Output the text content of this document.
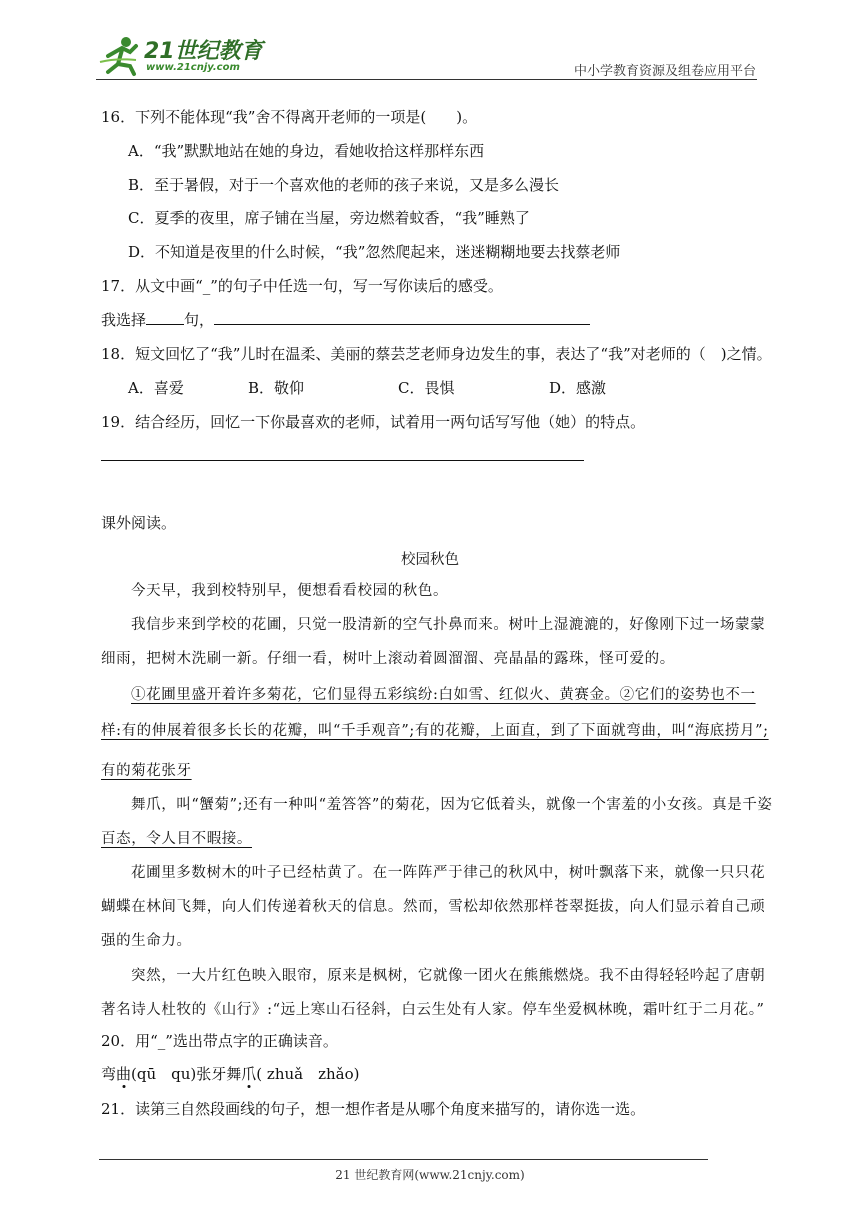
21世纪教育
www.21cnjy.com	中小学教育资源及组卷应用平台
16．下列不能体现“我”舍不得离开老师的一项是(　　)。
A．“我”默默地站在她的身边，看她收拾这样那样东西
B．至于暑假，对于一个喜欢他的老师的孩子来说，又是多么漫长
C．夏季的夜里，席子铺在当屋，旁边燃着蚊香，“我”睡熟了
D．不知道是夜里的什么时候，“我”忽然爬起来，迷迷糊糊地要去找蔡老师
17．从文中画“_”的句子中任选一句，写一写你读后的感受。
我选择	句，
18．短文回忆了“我”儿时在温柔、美丽的蔡芸芝老师身边发生的事，表达了“我”对老师的（　)之情。
A．喜爱	B．敬仰	C．畏惧	D．感激
19．结合经历，回忆一下你最喜欢的老师，试着用一两句话写写他（她）的特点。
课外阅读。
校园秋色
今天早，我到校特别早，便想看看校园的秋色。
我信步来到学校的花圃，只觉一股清新的空气扑鼻而来。树叶上湿漉漉的，好像刚下过一场蒙蒙
细雨，把树木洗刷一新。仔细一看，树叶上滚动着圆溜溜、亮晶晶的露珠，怪可爱的。
①花圃里盛开着许多菊花，它们显得五彩缤纷:白如雪、红似火、黄赛金。②它们的姿势也不一
样:有的伸展着很多长长的花瓣，叫“千手观音”;有的花瓣，上面直，到了下面就弯曲，叫“海底捞月”;
有的菊花张牙
舞爪，叫“蟹菊”;还有一种叫“羞答答”的菊花，因为它低着头，就像一个害羞的小女孩。真是千姿
百态，令人目不暇接。
花圃里多数树木的叶子已经枯黄了。在一阵阵严于律己的秋风中，树叶飘落下来，就像一只只花
蝴蝶在林间飞舞，向人们传递着秋天的信息。然而，雪松却依然那样苍翠挺拔，向人们显示着自己顽
强的生命力。
突然，一大片红色映入眼帘，原来是枫树，它就像一团火在熊熊燃烧。我不由得轻轻吟起了唐朝
著名诗人杜牧的《山行》:“远上寒山石径斜，白云生处有人家。停车坐爱枫林晚，霜叶红于二月花。”
20．用“_”选出带点字的正确读音。
弯曲(qū　qu)张牙舞爪( zhuǎ　zhǎo)
21．读第三自然段画线的句子，想一想作者是从哪个角度来描写的，请你选一选。
21 世纪教育网(www.21cnjy.com)
